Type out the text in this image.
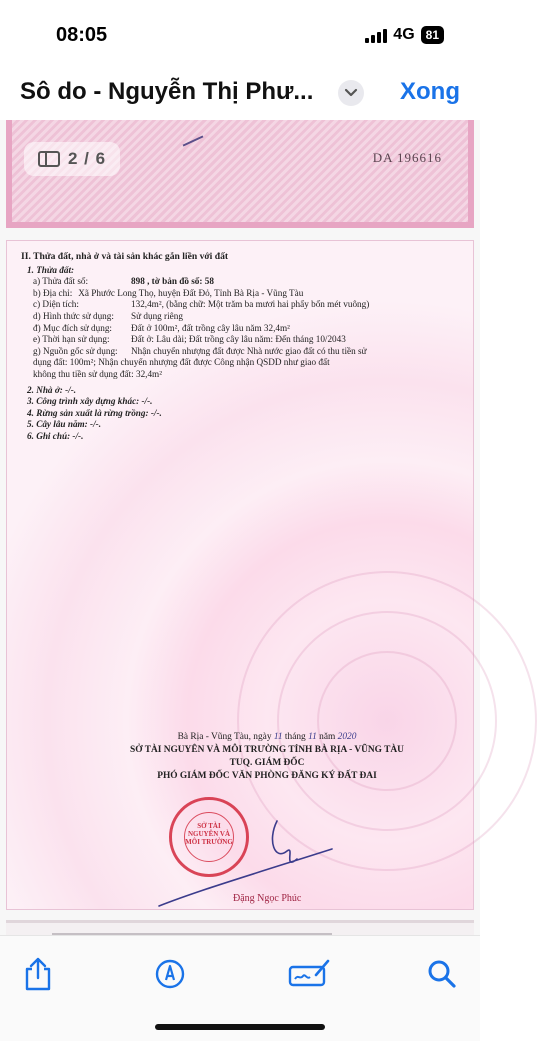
08:05	4G 81
Sô do - Nguyễn Thị Phư...	Xong
DA 196616
2 / 6
II. Thửa đất, nhà ở và tài sản khác gắn liền với đất
1. Thửa đất:
a) Thửa đất số:	898 , tờ bản đồ số: 58
b) Địa chỉ: Xã Phước Long Thọ, huyện Đất Đỏ, Tỉnh Bà Rịa - Vũng Tàu
c) Diện tích:	132,4m², (bằng chữ: Một trăm ba mươi hai phẩy bốn mét vuông)
d) Hình thức sử dụng:	Sử dụng riêng
đ) Mục đích sử dụng:	Đất ở 100m², đất trồng cây lâu năm 32,4m²
e) Thời hạn sử dụng:	Đất ở: Lâu dài; Đất trồng cây lâu năm: Đến tháng 10/2043
g) Nguồn gốc sử dụng:	Nhận chuyển nhượng đất được Nhà nước giao đất có thu tiền sử
dụng đất: 100m²; Nhận chuyển nhượng đất được Công nhận QSDD như giao đất
không thu tiền sử dụng đất: 32,4m²
2. Nhà ở: -/-.
3. Công trình xây dựng khác: -/-.
4. Rừng sản xuất là rừng trồng: -/-.
5. Cây lâu năm: -/-.
6. Ghi chú: -/-.
Bà Rịa - Vũng Tàu, ngày 11 tháng 11 năm 2020
SỞ TÀI NGUYÊN VÀ MÔI TRƯỜNG TỈNH BÀ RỊA - VŨNG TÀU
TUQ. GIÁM ĐỐC
PHÓ GIÁM ĐỐC VĂN PHÒNG ĐĂNG KÝ ĐẤT ĐAI
SỞ TÀI NGUYÊN VÀ MÔI TRƯỜNG
Đặng Ngọc Phúc
